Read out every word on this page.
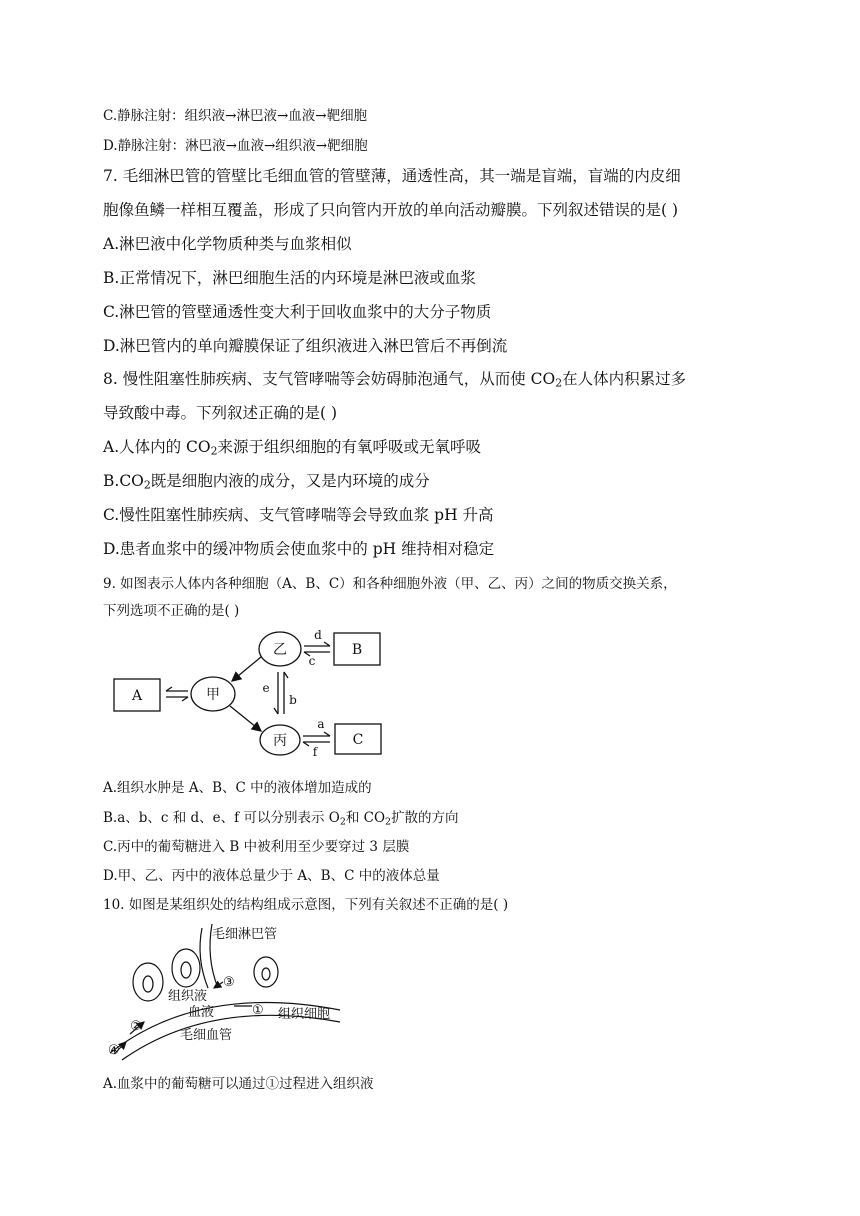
C.静脉注射：组织液→淋巴液→血液→靶细胞
D.静脉注射：淋巴液→血液→组织液→靶细胞
7. 毛细淋巴管的管壁比毛细血管的管壁薄，通透性高，其一端是盲端，盲端的内皮细
胞像鱼鳞一样相互覆盖，形成了只向管内开放的单向活动瓣膜。下列叙述错误的是( )
A.淋巴液中化学物质种类与血浆相似
B.正常情况下，淋巴细胞生活的内环境是淋巴液或血浆
C.淋巴管的管壁通透性变大利于回收血浆中的大分子物质
D.淋巴管内的单向瓣膜保证了组织液进入淋巴管后不再倒流
8. 慢性阻塞性肺疾病、支气管哮喘等会妨碍肺泡通气，从而使 $CO_2$在人体内积累过多
导致酸中毒。下列叙述正确的是( )
A.人体内的 $CO_2$来源于组织细胞的有氧呼吸或无氧呼吸
$B.CO_2$既是细胞内液的成分，又是内环境的成分
C.慢性阻塞性肺疾病、支气管哮喘等会导致血浆 pH 升高
D.患者血浆中的缓冲物质会使血浆中的 pH 维持相对稳定
9. 如图表示人体内各种细胞（A、B、C）和各种细胞外液（甲、乙、丙）之间的物质交换关系，
下列选项不正确的是( )
A
B
C
乙
甲
丙
d
c
a
f
e
b
A.组织水肿是 A、B、C 中的液体增加造成的
B.a、b、c 和 d、e、f 可以分别表示 $O_2$和 $CO_2$扩散的方向
C.丙中的葡萄糖进入 B 中被利用至少要穿过 3 层膜
D.甲、乙、丙中的液体总量少于 A、B、C 中的液体总量
10. 如图是某组织处的结构组成示意图，下列有关叙述不正确的是( )
毛细淋巴管
组织液
血液
毛细血管
组织细胞
①
②
③
④
A.血浆中的葡萄糖可以通过①过程进入组织液
